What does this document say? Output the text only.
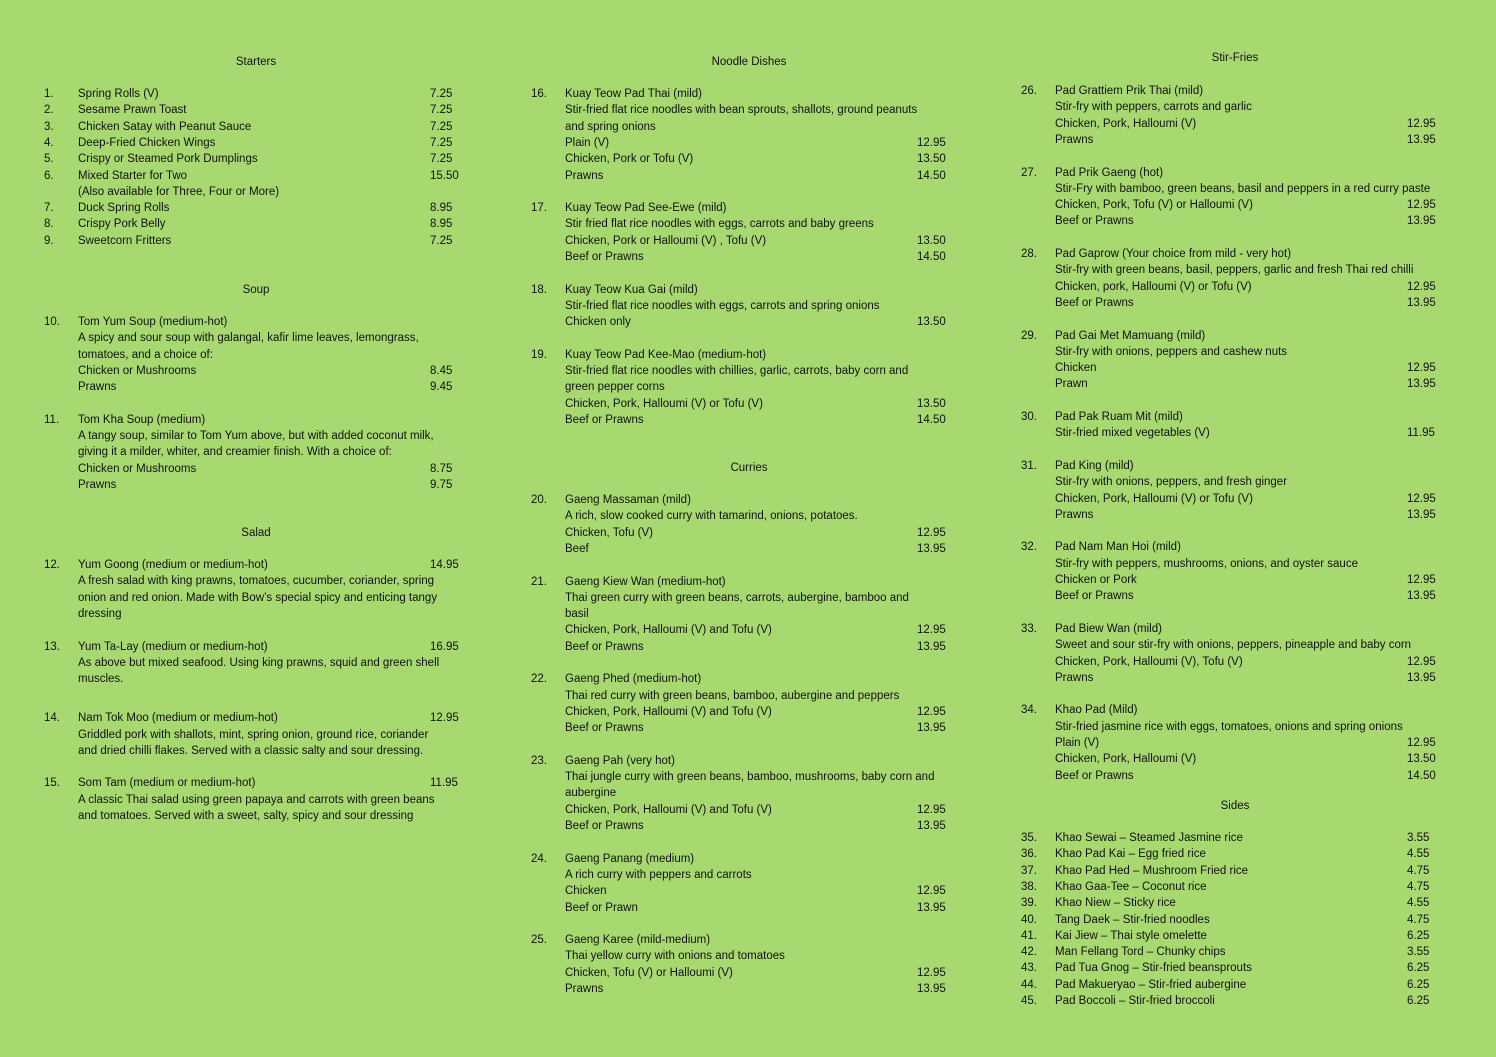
Starters
1. Spring Rolls (V)	7.25
2. Sesame Prawn Toast	7.25
3. Chicken Satay with Peanut Sauce	7.25
4. Deep-Fried Chicken Wings	7.25
5. Crispy or Steamed Pork Dumplings	7.25
6. Mixed Starter for Two	15.50
(Also available for Three, Four or More)
7. Duck Spring Rolls	8.95
8. Crispy Pork Belly	8.95
9. Sweetcorn Fritters	7.25
Soup
10. Tom Yum Soup (medium-hot)
A spicy and sour soup with galangal, kafir lime leaves, lemongrass,
tomatoes, and a choice of:
Chicken or Mushrooms	8.45
Prawns	9.45
11. Tom Kha Soup (medium)
A tangy soup, similar to Tom Yum above, but with added coconut milk,
giving it a milder, whiter, and creamier finish. With a choice of:
Chicken or Mushrooms	8.75
Prawns	9.75
Salad
12. Yum Goong (medium or medium-hot)	14.95
A fresh salad with king prawns, tomatoes, cucumber, coriander, spring
onion and red onion. Made with Bow’s special spicy and enticing tangy
dressing
13. Yum Ta-Lay (medium or medium-hot)	16.95
As above but mixed seafood. Using king prawns, squid and green shell
muscles.
14. Nam Tok Moo (medium or medium-hot)	12.95
Griddled pork with shallots, mint, spring onion, ground rice, coriander
and dried chilli flakes. Served with a classic salty and sour dressing.
15. Som Tam (medium or medium-hot)	11.95
A classic Thai salad using green papaya and carrots with green beans
and tomatoes. Served with a sweet, salty, spicy and sour dressing
Noodle Dishes
16. Kuay Teow Pad Thai (mild)
Stir-fried flat rice noodles with bean sprouts, shallots, ground peanuts
and spring onions
Plain (V)	12.95
Chicken, Pork or Tofu (V)	13.50
Prawns	14.50
17. Kuay Teow Pad See-Ewe (mild)
Stir fried flat rice noodles with eggs, carrots and baby greens
Chicken, Pork or Halloumi (V) , Tofu (V)	13.50
Beef or Prawns	14.50
18. Kuay Teow Kua Gai (mild)
Stir-fried flat rice noodles with eggs, carrots and spring onions
Chicken only	13.50
19. Kuay Teow Pad Kee-Mao (medium-hot)
Stir-fried flat rice noodles with chillies, garlic, carrots, baby corn and
green pepper corns
Chicken, Pork, Halloumi (V) or Tofu (V)	13.50
Beef or Prawns	14.50
Curries
20. Gaeng Massaman (mild)
A rich, slow cooked curry with tamarind, onions, potatoes.
Chicken, Tofu (V)	12.95
Beef	13.95
21. Gaeng Kiew Wan (medium-hot)
Thai green curry with green beans, carrots, aubergine, bamboo and
basil
Chicken, Pork, Halloumi (V) and Tofu (V)	12.95
Beef or Prawns	13.95
22. Gaeng Phed (medium-hot)
Thai red curry with green beans, bamboo, aubergine and peppers
Chicken, Pork, Halloumi (V) and Tofu (V)	12.95
Beef or Prawns	13.95
23. Gaeng Pah (very hot)
Thai jungle curry with green beans, bamboo, mushrooms, baby corn and
aubergine
Chicken, Pork, Halloumi (V) and Tofu (V)	12.95
Beef or Prawns	13.95
24. Gaeng Panang (medium)
A rich curry with peppers and carrots
Chicken	12.95
Beef or Prawn	13.95
25. Gaeng Karee (mild-medium)
Thai yellow curry with onions and tomatoes
Chicken, Tofu (V) or Halloumi (V)	12.95
Prawns	13.95
Stir-Fries
26. Pad Grattiem Prik Thai (mild)
Stir-fry with peppers, carrots and garlic
Chicken, Pork, Halloumi (V)	12.95
Prawns	13.95
27. Pad Prik Gaeng (hot)
Stir-Fry with bamboo, green beans, basil and peppers in a red curry paste
Chicken, Pork, Tofu (V) or Halloumi (V)	12.95
Beef or Prawns	13.95
28. Pad Gaprow (Your choice from mild - very hot)
Stir-fry with green beans, basil, peppers, garlic and fresh Thai red chilli
Chicken, pork, Halloumi (V) or Tofu (V)	12.95
Beef or Prawns	13.95
29. Pad Gai Met Mamuang (mild)
Stir-fry with onions, peppers and cashew nuts
Chicken	12.95
Prawn	13.95
30. Pad Pak Ruam Mit (mild)
Stir-fried mixed vegetables (V)	11.95
31. Pad King (mild)
Stir-fry with onions, peppers, and fresh ginger
Chicken, Pork, Halloumi (V) or Tofu (V)	12.95
Prawns	13.95
32. Pad Nam Man Hoi (mild)
Stir-fry with peppers, mushrooms, onions, and oyster sauce
Chicken or Pork	12.95
Beef or Prawns	13.95
33. Pad Biew Wan (mild)
Sweet and sour stir-fry with onions, peppers, pineapple and baby corn
Chicken, Pork, Halloumi (V), Tofu (V)	12.95
Prawns	13.95
34. Khao Pad (Mild)
Stir-fried jasmine rice with eggs, tomatoes, onions and spring onions
Plain (V)	12.95
Chicken, Pork, Halloumi (V)	13.50
Beef or Prawns	14.50
Sides
35. Khao Sewai – Steamed Jasmine rice	3.55
36. Khao Pad Kai – Egg fried rice	4.55
37. Khao Pad Hed – Mushroom Fried rice	4.75
38. Khao Gaa-Tee – Coconut rice	4.75
39. Khao Niew – Sticky rice	4.55
40. Tang Daek – Stir-fried noodles	4.75
41. Kai Jiew – Thai style omelette	6.25
42. Man Fellang Tord – Chunky chips	3.55
43. Pad Tua Gnog – Stir-fried beansprouts	6.25
44. Pad Makueryao – Stir-fried aubergine	6.25
45. Pad Boccoli – Stir-fried broccoli	6.25
